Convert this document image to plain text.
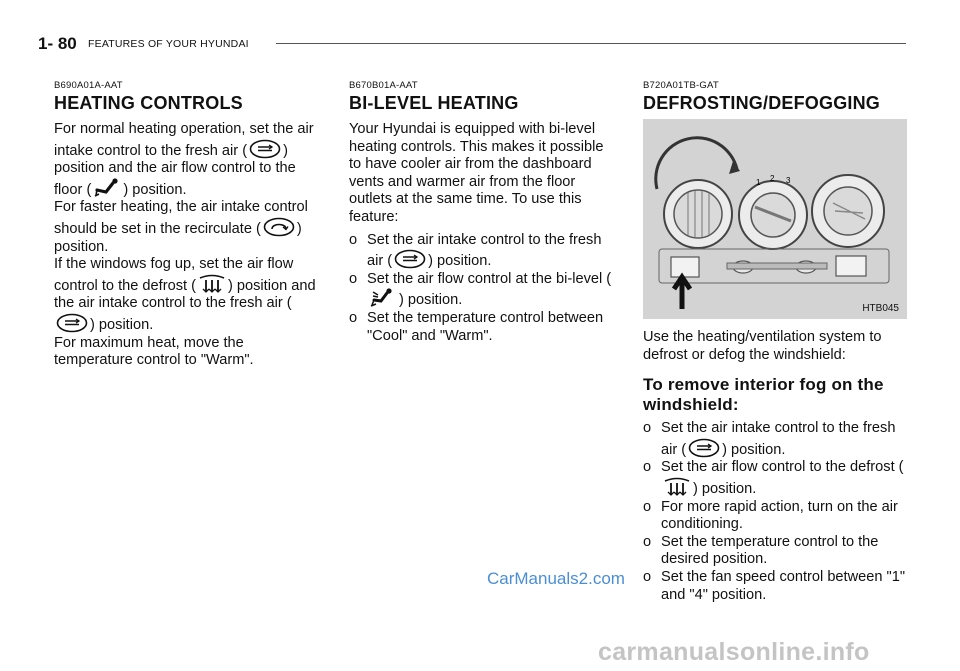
1- 80 FEATURES OF YOUR HYUNDAI
B690A01A-AAT
HEATING CONTROLS

For normal heating operation, set the air intake control to the fresh air ( ) position and the air flow control to the floor ( ) position.

For faster heating, the air intake control should be set in the recirculate ( ) position.

If the windows fog up, set the air flow control to the defrost ( ) position and the air intake control to the fresh air () position.

For maximum heat, move the temperature control to "Warm".

B670B01A-AAT
BI-LEVEL HEATING
Your Hyundai is equipped with bi-level heating controls. This makes it possible to have cooler air from the dashboard vents and warmer air from the floor outlets at the same time. To use this feature:
o Set the air intake control to the fresh air ( ) position.
o Set the air flow control at the bi-level () position.
o Set the temperature control between "Cool" and "Warm".
B720A01TB-GAT
DEFROSTING/DEFOGGING
1 2 3
HTB045
Use the heating/ventilation system to defrost or defog the windshield:
To remove interior fog on the windshield:
o Set the air intake control to the fresh air ( ) position.
o Set the air flow control to the defrost () position.
o For more rapid action, turn on the air conditioning.
o Set the temperature control to the desired position.
o Set the fan speed control between "1" and "4" position.
CarManuals2.com
carmanualsonline.info
